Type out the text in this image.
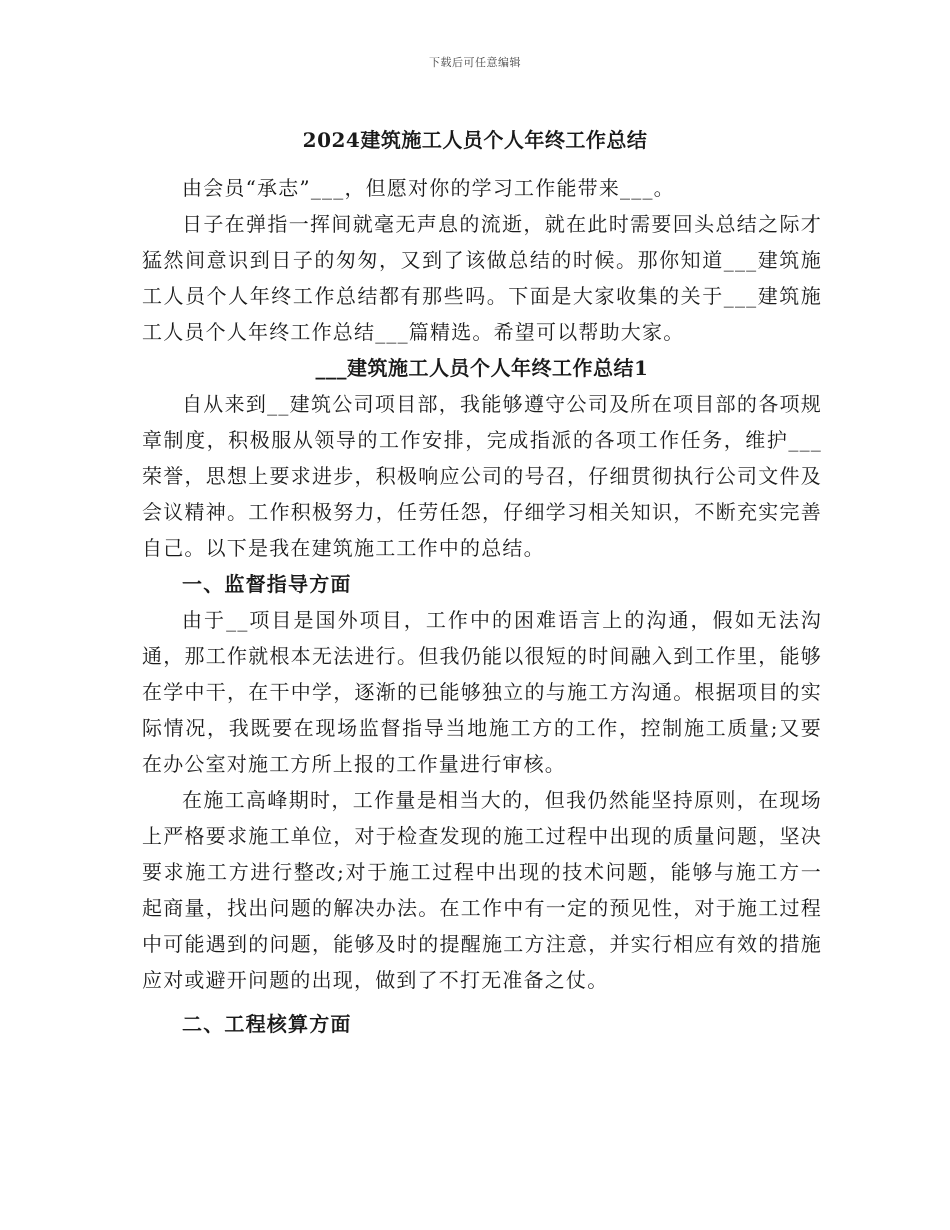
下载后可任意编辑
2024建筑施工人员个人年终工作总结

由会员“承志”___，但愿对你的学习工作能带来___。

日子在弹指一挥间就毫无声息的流逝，就在此时需要回头总结之际才猛然间意识到日子的匆匆，又到了该做总结的时候。那你知道___建筑施工人员个人年终工作总结都有那些吗。下面是大家收集的关于___建筑施工人员个人年终工作总结___篇精选。希望可以帮助大家。

___建筑施工人员个人年终工作总结1

自从来到__建筑公司项目部，我能够遵守公司及所在项目部的各项规章制度，积极服从领导的工作安排，完成指派的各项工作任务，维护___荣誉，思想上要求进步，积极响应公司的号召，仔细贯彻执行公司文件及会议精神。工作积极努力，任劳任怨，仔细学习相关知识，不断充实完善自己。以下是我在建筑施工工作中的总结。

一、监督指导方面

由于__项目是国外项目，工作中的困难语言上的沟通，假如无法沟通，那工作就根本无法进行。但我仍能以很短的时间融入到工作里，能够在学中干，在干中学，逐渐的已能够独立的与施工方沟通。根据项目的实际情况，我既要在现场监督指导当地施工方的工作，控制施工质量;又要在办公室对施工方所上报的工作量进行审核。

在施工高峰期时，工作量是相当大的，但我仍然能坚持原则，在现场上严格要求施工单位，对于检查发现的施工过程中出现的质量问题，坚决要求施工方进行整改;对于施工过程中出现的技术问题，能够与施工方一起商量，找出问题的解决办法。在工作中有一定的预见性，对于施工过程中可能遇到的问题，能够及时的提醒施工方注意，并实行相应有效的措施应对或避开问题的出现，做到了不打无准备之仗。

二、工程核算方面
